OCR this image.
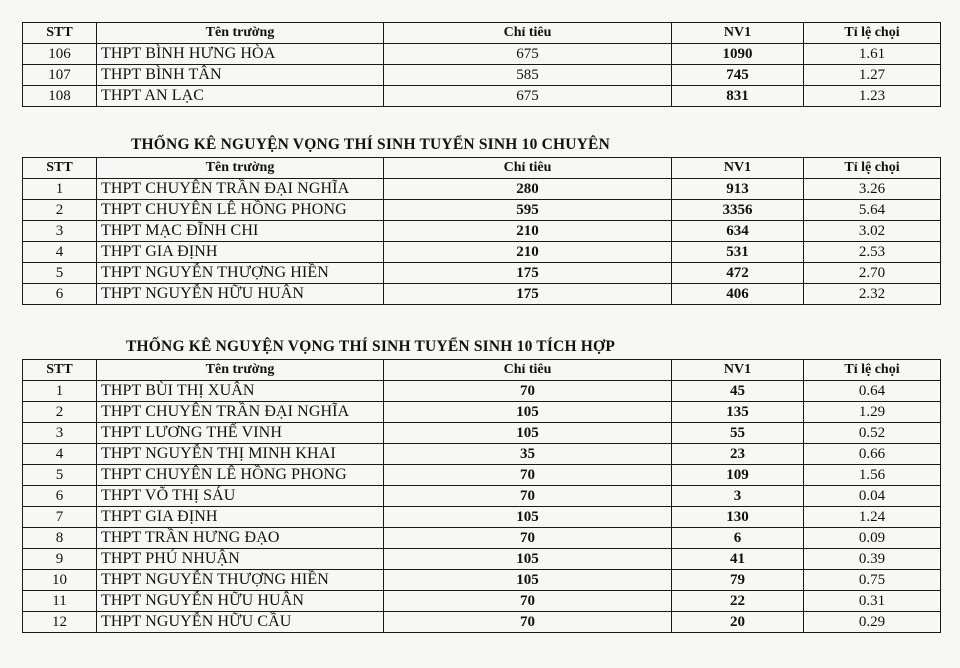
STT	Tên trường	Chỉ tiêu	NV1	Tỉ lệ chọi
106	THPT BÌNH HƯNG HÒA	675	1090	1.61
107	THPT BÌNH TÂN	585	745	1.27
108	THPT AN LẠC	675	831	1.23
THỐNG KÊ NGUYỆN VỌNG THÍ SINH TUYỂN SINH 10 CHUYÊN
STT	Tên trường	Chỉ tiêu	NV1	Tỉ lệ chọi
1	THPT CHUYÊN TRẦN ĐẠI NGHĨA	280	913	3.26
2	THPT CHUYÊN LÊ HỒNG PHONG	595	3356	5.64
3	THPT MẠC ĐĨNH CHI	210	634	3.02
4	THPT GIA ĐỊNH	210	531	2.53
5	THPT NGUYỄN THƯỢNG HIỀN	175	472	2.70
6	THPT NGUYỄN HỮU HUÂN	175	406	2.32
THỐNG KÊ NGUYỆN VỌNG THÍ SINH TUYỂN SINH 10 TÍCH HỢP
STT	Tên trường	Chỉ tiêu	NV1	Tỉ lệ chọi
1	THPT BÙI THỊ XUÂN	70	45	0.64
2	THPT CHUYÊN TRẦN ĐẠI NGHĨA	105	135	1.29
3	THPT LƯƠNG THẾ VINH	105	55	0.52
4	THPT NGUYỄN THỊ MINH KHAI	35	23	0.66
5	THPT CHUYÊN LÊ HỒNG PHONG	70	109	1.56
6	THPT VÕ THỊ SÁU	70	3	0.04
7	THPT GIA ĐỊNH	105	130	1.24
8	THPT TRẦN HƯNG ĐẠO	70	6	0.09
9	THPT PHÚ NHUẬN	105	41	0.39
10	THPT NGUYỄN THƯỢNG HIỀN	105	79	0.75
11	THPT NGUYỄN HỮU HUÂN	70	22	0.31
12	THPT NGUYỄN HỮU CẦU	70	20	0.29
